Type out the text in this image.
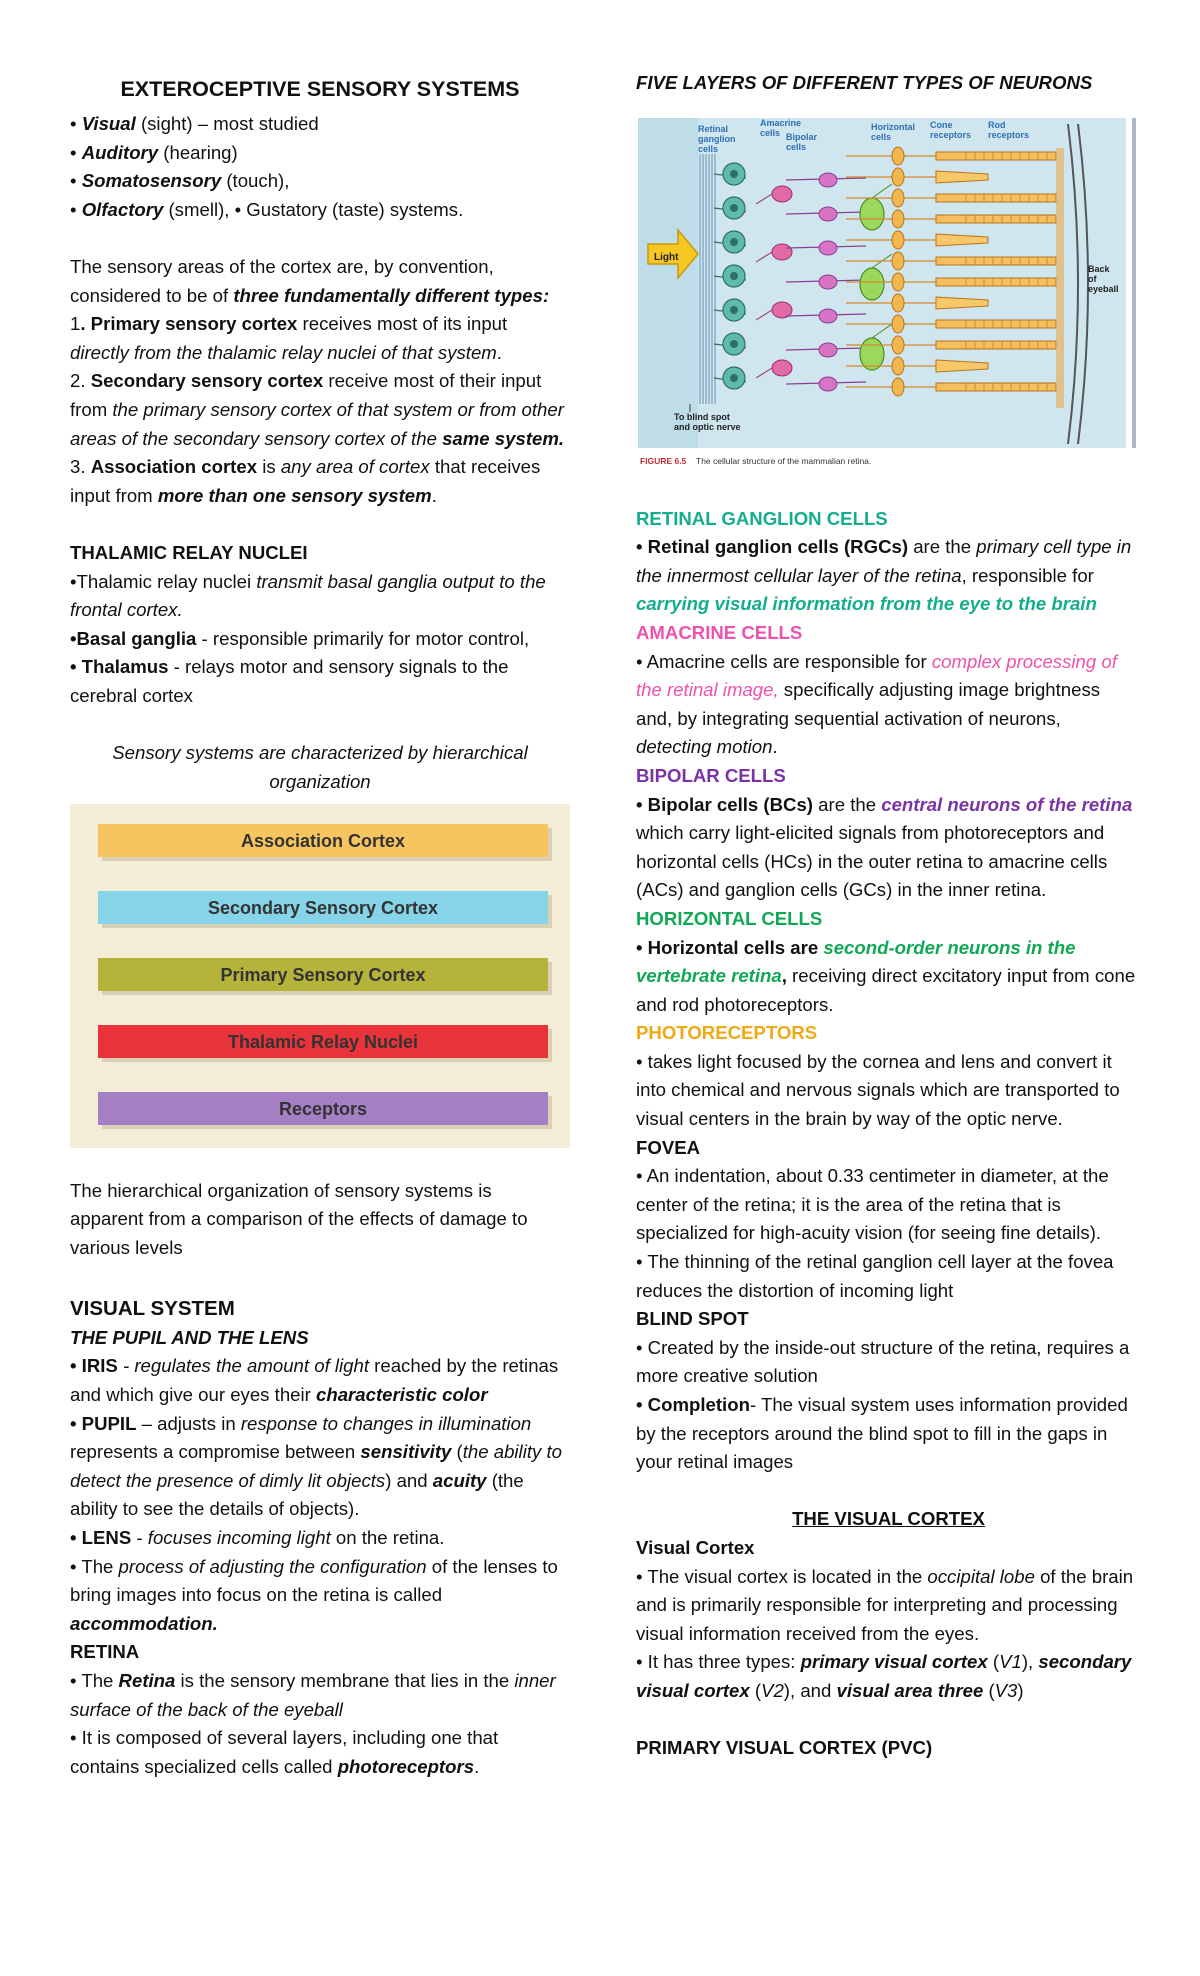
EXTEROCEPTIVE SENSORY SYSTEMS

• Visual (sight) – most studied

• Auditory (hearing)

• Somatosensory (touch),

• Olfactory (smell), • Gustatory (taste) systems.

The sensory areas of the cortex are, by convention, considered to be of three fundamentally different types:

1. Primary sensory cortex receives most of its input directly from the thalamic relay nuclei of that system.

2. Secondary sensory cortex receive most of their input from the primary sensory cortex of that system or from other areas of the secondary sensory cortex of the same system.

3. Association cortex is any area of cortex that receives input from more than one sensory system.

THALAMIC RELAY NUCLEI

•Thalamic relay nuclei transmit basal ganglia output to the frontal cortex.

•Basal ganglia - responsible primarily for motor control,

• Thalamus - relays motor and sensory signals to the cerebral cortex

Sensory systems are characterized by hierarchical organization

Association Cortex
Secondary Sensory Cortex
Primary Sensory Cortex
Thalamic Relay Nuclei
Receptors

The hierarchical organization of sensory systems is apparent from a comparison of the effects of damage to various levels

VISUAL SYSTEM

THE PUPIL AND THE LENS

• IRIS - regulates the amount of light reached by the retinas and which give our eyes their characteristic color

• PUPIL – adjusts in response to changes in illumination represents a compromise between sensitivity (the ability to detect the presence of dimly lit objects) and acuity (the ability to see the details of objects).

• LENS - focuses incoming light on the retina.

• The process of adjusting the configuration of the lenses to bring images into focus on the retina is called accommodation.

RETINA

• The Retina is the sensory membrane that lies in the inner surface of the back of the eyeball

• It is composed of several layers, including one that contains specialized cells called photoreceptors.

FIVE LAYERS OF DIFFERENT TYPES OF NEURONS

Light
Retinal
ganglion
cells
Amacrine
cells Bipolar
cells
Horizontal
cells
Cone
receptors
Rod
receptors
Back
of
eyeball
To blind spot
and optic nerve
FIGURE 6.5 The cellular structure of the mammalian retina.

RETINAL GANGLION CELLS

• Retinal ganglion cells (RGCs) are the primary cell type in the innermost cellular layer of the retina, responsible for carrying visual information from the eye to the brain

AMACRINE CELLS

• Amacrine cells are responsible for complex processing of the retinal image, specifically adjusting image brightness and, by integrating sequential activation of neurons, detecting motion.

BIPOLAR CELLS

• Bipolar cells (BCs) are the central neurons of the retina which carry light-elicited signals from photoreceptors and horizontal cells (HCs) in the outer retina to amacrine cells (ACs) and ganglion cells (GCs) in the inner retina.

HORIZONTAL CELLS

• Horizontal cells are second-order neurons in the vertebrate retina, receiving direct excitatory input from cone and rod photoreceptors.

PHOTORECEPTORS

• takes light focused by the cornea and lens and convert it into chemical and nervous signals which are transported to visual centers in the brain by way of the optic nerve.

FOVEA

• An indentation, about 0.33 centimeter in diameter, at the center of the retina; it is the area of the retina that is specialized for high-acuity vision (for seeing fine details).

• The thinning of the retinal ganglion cell layer at the fovea reduces the distortion of incoming light

BLIND SPOT

• Created by the inside-out structure of the retina, requires a more creative solution

• Completion- The visual system uses information provided by the receptors around the blind spot to fill in the gaps in your retinal images

THE VISUAL CORTEX

Visual Cortex

• The visual cortex is located in the occipital lobe of the brain and is primarily responsible for interpreting and processing visual information received from the eyes.

• It has three types: primary visual cortex (V1), secondary visual cortex (V2), and visual area three (V3)

PRIMARY VISUAL CORTEX (PVC)
